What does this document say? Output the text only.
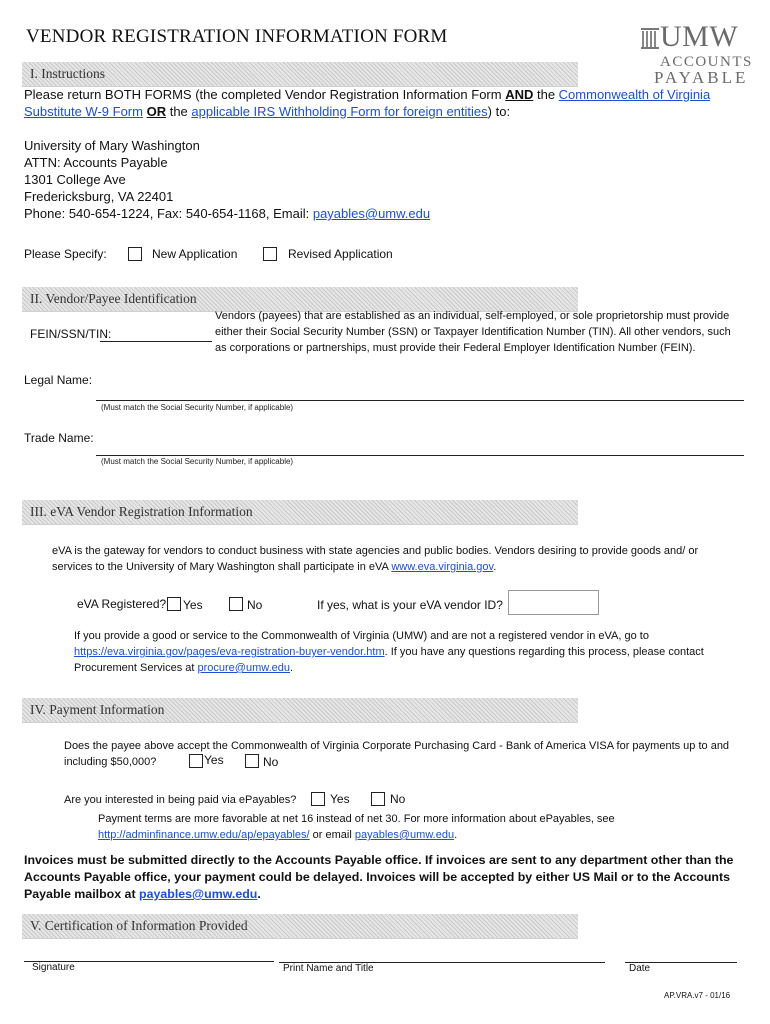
VENDOR REGISTRATION INFORMATION FORM	UMW
ACCOUNTS
PAYABLE
I. Instructions
Please return BOTH FORMS (the completed Vendor Registration Information Form AND the Commonwealth of Virginia Substitute W-9 Form OR the applicable IRS Withholding Form for foreign entities) to:
University of Mary Washington
ATTN: Accounts Payable
1301 College Ave
Fredericksburg, VA 22401
Phone: 540-654-1224, Fax: 540-654-1168, Email: payables@umw.edu
Please Specify:	New Application	Revised Application
II. Vendor/Payee Identification
FEIN/SSN/TIN:
Vendors (payees) that are established as an individual, self-employed, or sole proprietorship must provide either their Social Security Number (SSN) or Taxpayer Identification Number (TIN). All other vendors, such as corporations or partnerships, must provide their Federal Employer Identification Number (FEIN).
Legal Name:
(Must match the Social Security Number, if applicable)
Trade Name:
(Must match the Social Security Number, if applicable)
III. eVA Vendor Registration Information
eVA is the gateway for vendors to conduct business with state agencies and public bodies. Vendors desiring to provide goods and/ or services to the University of Mary Washington shall participate in eVA www.eva.virginia.gov.
eVA Registered? Yes	No	If yes, what is your eVA vendor ID?
If you provide a good or service to the Commonwealth of Virginia (UMW) and are not a registered vendor in eVA, go to https://eva.virginia.gov/pages/eva-registration-buyer-vendor.htm. If you have any questions regarding this process, please contact Procurement Services at procure@umw.edu.
IV. Payment Information
Does the payee above accept the Commonwealth of Virginia Corporate Purchasing Card - Bank of America VISA for payments up to and including $50,000?	Yes	No
Are you interested in being paid via ePayables?	Yes	No
Payment terms are more favorable at net 16 instead of net 30. For more information about ePayables, see http://adminfinance.umw.edu/ap/epayables/ or email payables@umw.edu.
Invoices must be submitted directly to the Accounts Payable office. If invoices are sent to any department other than the Accounts Payable office, your payment could be delayed. Invoices will be accepted by either US Mail or to the Accounts Payable mailbox at payables@umw.edu.
V. Certification of Information Provided
Signature	Print Name and Title	Date
AP.VRA.v7 - 01/16
